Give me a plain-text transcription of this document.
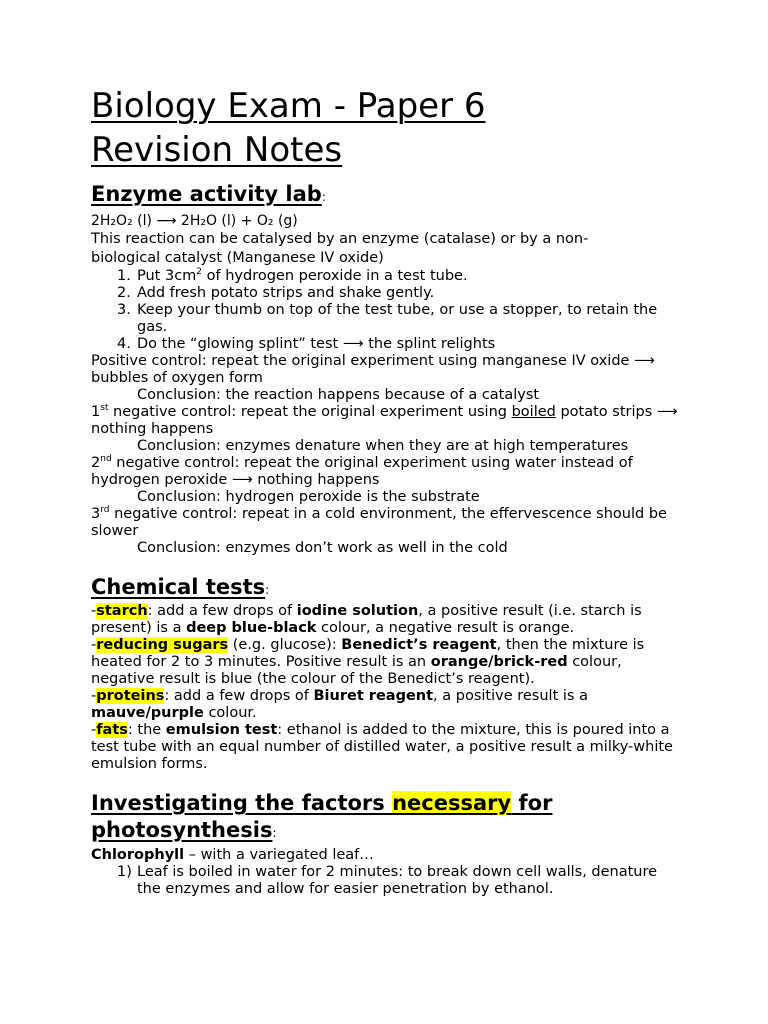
Biology Exam - Paper 6
Revision Notes
Enzyme activity lab:

2H₂O₂ (l) ⟶ 2H₂O (l) + O₂ (g)

This reaction can be catalysed by an enzyme (catalase) or by a non-
biological catalyst (Manganese IV oxide)

1. Put $3cm^2$ of hydrogen peroxide in a test tube.
2. Add fresh potato strips and shake gently.
3. Keep your thumb on top of the test tube, or use a stopper, to retain the gas.
4. Do the “glowing splint” test ⟶ the splint relights

Positive control: repeat the original experiment using manganese IV oxide ⟶ bubbles of oxygen form

Conclusion: the reaction happens because of a catalyst

1st negative control: repeat the original experiment using boiled potato strips ⟶ nothing happens

Conclusion: enzymes denature when they are at high temperatures

2nd negative control: repeat the original experiment using water instead of hydrogen peroxide ⟶ nothing happens

Conclusion: hydrogen peroxide is the substrate

3rd negative control: repeat in a cold environment, the effervescence should be slower

Conclusion: enzymes don’t work as well in the cold

Chemical tests:

-starch: add a few drops of iodine solution, a positive result (i.e. starch is present) is a deep blue-black colour, a negative result is orange.

-reducing sugars (e.g. glucose): Benedict’s reagent, then the mixture is heated for 2 to 3 minutes. Positive result is an orange/brick-red colour, negative result is blue (the colour of the Benedict’s reagent).

-proteins: add a few drops of Biuret reagent, a positive result is a mauve/purple colour.

-fats: the emulsion test: ethanol is added to the mixture, this is poured into a test tube with an equal number of distilled water, a positive result a milky-white emulsion forms.

Investigating the factors necessary for
photosynthesis:

Chlorophyll – with a variegated leaf…

1) Leaf is boiled in water for 2 minutes: to break down cell walls, denature the enzymes and allow for easier penetration by ethanol.
